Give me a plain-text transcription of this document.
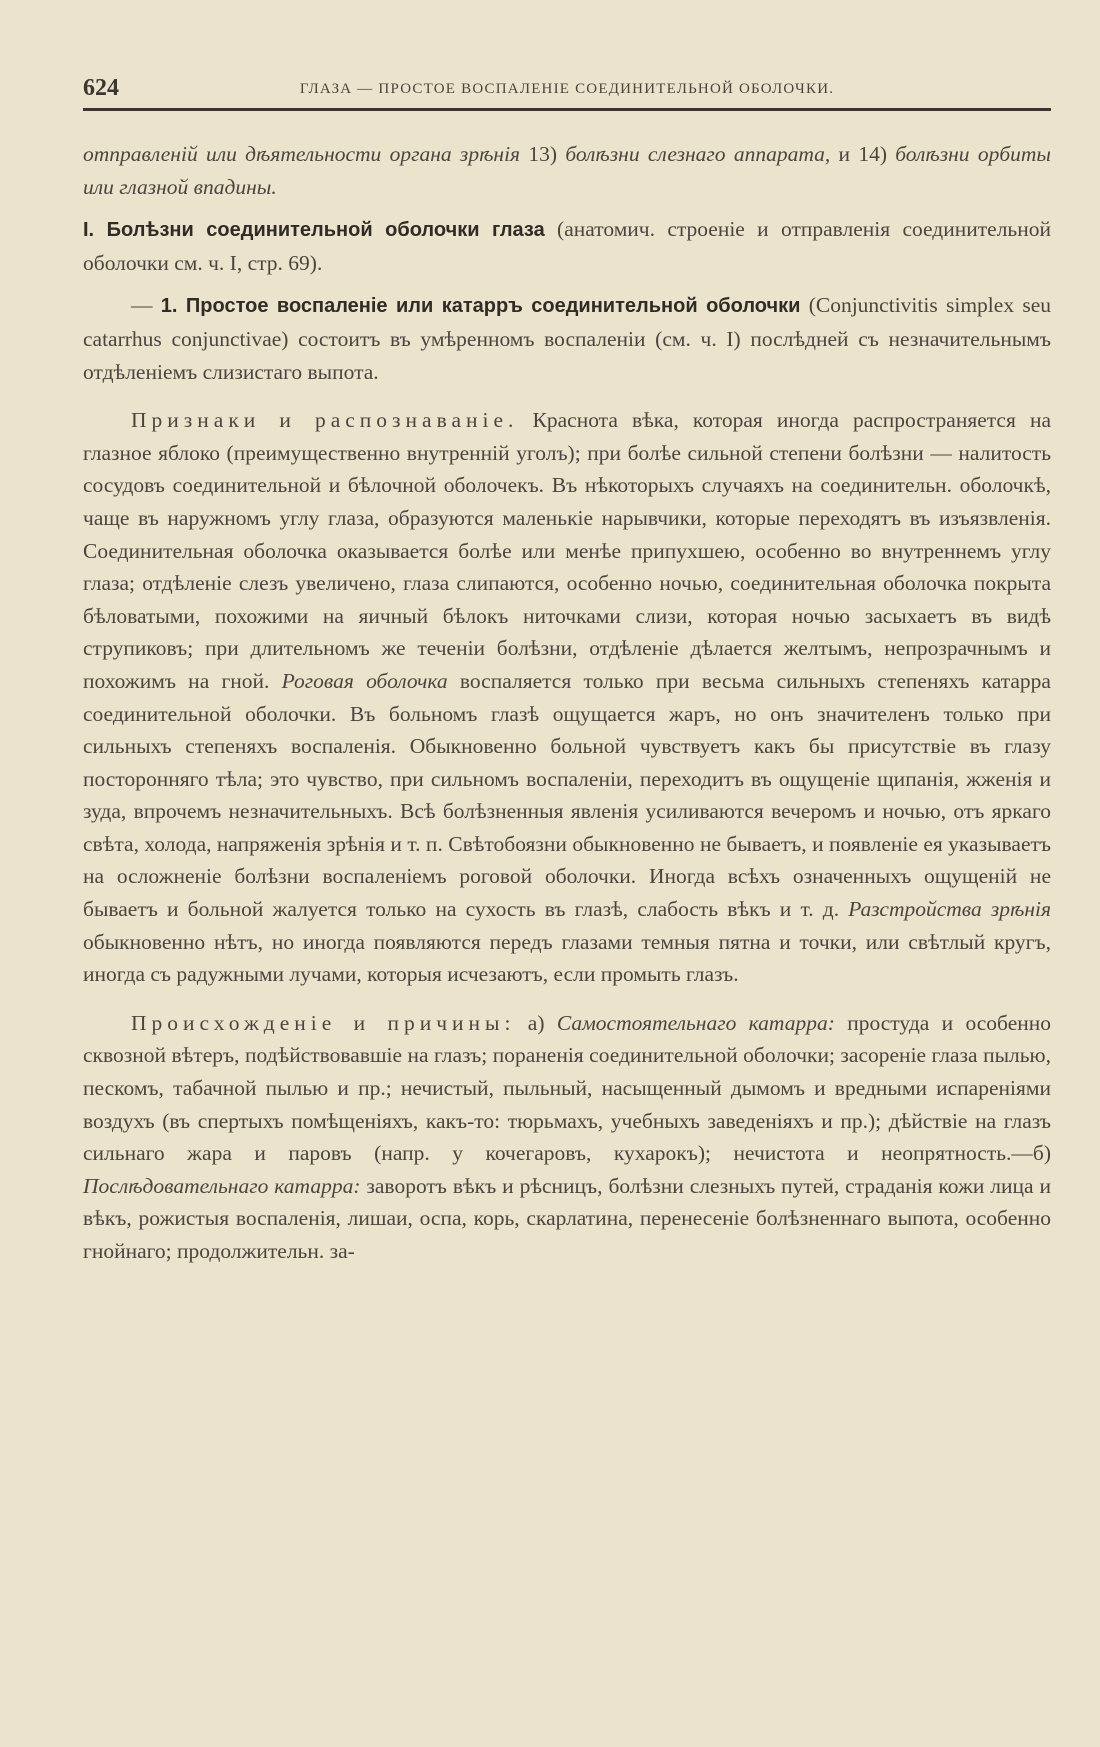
624	ГЛАЗА — ПРОСТОЕ ВОСПАЛЕНІЕ СОЕДИНИТЕЛЬНОЙ ОБОЛОЧКИ.

отправленій или дѣятельности органа зрѣнія 13) болѣзни слезнаго аппарата, и 14) болѣзни орбиты или глазной впадины.

I. Болѣзни соединительной оболочки глаза (анатомич. строеніе и отправленія соединительной оболочки см. ч. I, стр. 69).

— 1. Простое воспаленіе или катарръ соединительной оболочки (Conjunctivitis simplex seu catarrhus conjunctivae) состоитъ въ умѣренномъ воспаленіи (см. ч. I) послѣдней съ незначительнымъ отдѣленіемъ слизистаго выпота.

Признаки и распознаваніе. Краснота вѣка, которая иногда распространяется на глазное яблоко (преимущественно внутренній уголъ); при болѣе сильной степени болѣзни — налитость сосудовъ соединительной и бѣлочной оболочекъ. Въ нѣкоторыхъ случаяхъ на соединительн. оболочкѣ, чаще въ наружномъ углу глаза, образуются маленькіе нарывчики, которые переходятъ въ изъязвленія. Соединительная оболочка оказывается болѣе или менѣе припухшею, особенно во внутреннемъ углу глаза; отдѣленіе слезъ увеличено, глаза слипаются, особенно ночью, соединительная оболочка покрыта бѣловатыми, похожими на яичный бѣлокъ ниточками слизи, которая ночью засыхаетъ въ видѣ струпиковъ; при длительномъ же теченіи болѣзни, отдѣленіе дѣлается желтымъ, непрозрачнымъ и похожимъ на гной. Роговая оболочка воспаляется только при весьма сильныхъ степеняхъ катарра соединительной оболочки. Въ больномъ глазѣ ощущается жаръ, но онъ значителенъ только при сильныхъ степеняхъ воспаленія. Обыкновенно больной чувствуетъ какъ бы присутствіе въ глазу посторонняго тѣла; это чувство, при сильномъ воспаленіи, переходитъ въ ощущеніе щипанія, жженія и зуда, впрочемъ незначительныхъ. Всѣ болѣзненныя явленія усиливаются вечеромъ и ночью, отъ яркаго свѣта, холода, напряженія зрѣнія и т. п. Свѣтобоязни обыкновенно не бываетъ, и появленіе ея указываетъ на осложненіе болѣзни воспаленіемъ роговой оболочки. Иногда всѣхъ означенныхъ ощущеній не бываетъ и больной жалуется только на сухость въ глазѣ, слабость вѣкъ и т. д. Разстройства зрѣнія обыкновенно нѣтъ, но иногда появляются передъ глазами темныя пятна и точки, или свѣтлый кругъ, иногда съ радужными лучами, которыя исчезаютъ, если промыть глазъ.

Происхожденіе и причины: а) Самостоятельнаго катарра: простуда и особенно сквозной вѣтеръ, подѣйствовавшіе на глазъ; пораненія соединительной оболочки; засореніе глаза пылью, пескомъ, табачной пылью и пр.; нечистый, пыльный, насыщенный дымомъ и вредными испареніями воздухъ (въ спертыхъ помѣщеніяхъ, какъ-то: тюрьмахъ, учебныхъ заведеніяхъ и пр.); дѣйствіе на глазъ сильнаго жара и паровъ (напр. у кочегаровъ, кухарокъ); нечистота и неопрятность.—б) Послѣдовательнаго катарра: заворотъ вѣкъ и рѣсницъ, болѣзни слезныхъ путей, страданія кожи лица и вѣкъ, рожистыя воспаленія, лишаи, оспа, корь, скарлатина, перенесеніе болѣзненнаго выпота, особенно гнойнаго; продолжительн. за-
